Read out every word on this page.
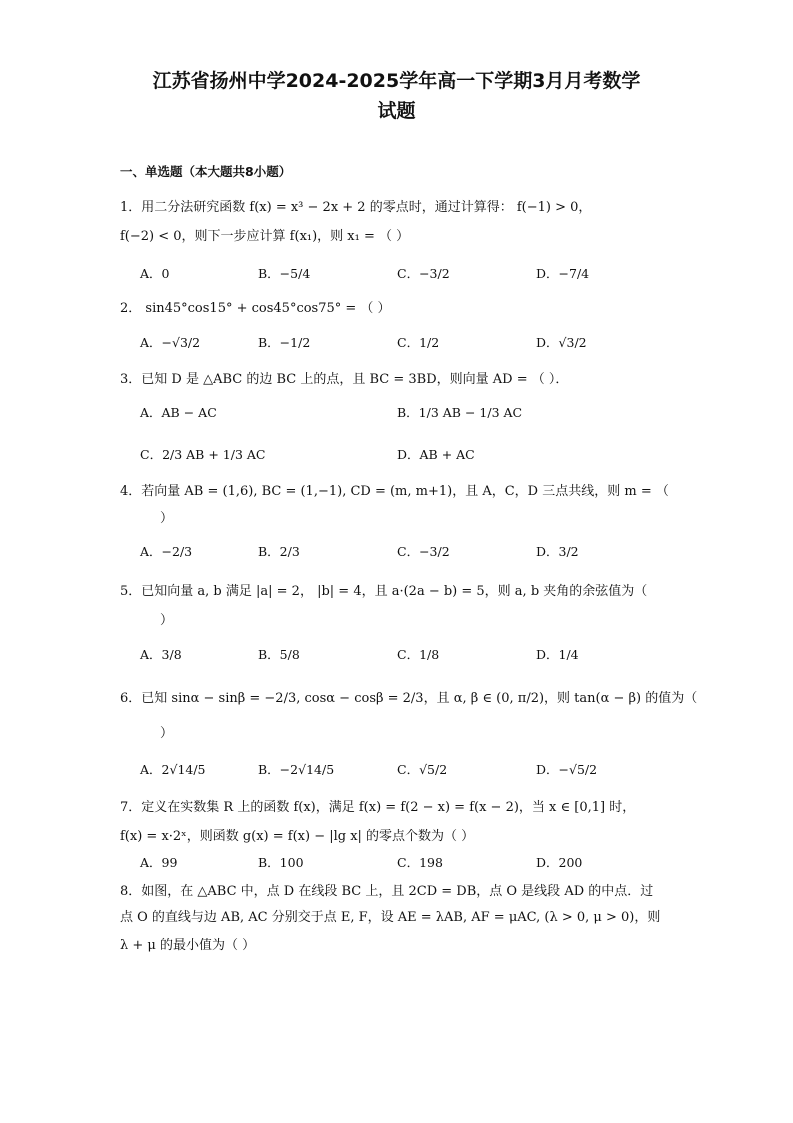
江苏省扬州中学2024-2025学年高一下学期3月月考数学
试题
一、单选题（本大题共8小题）
1．用二分法研究函数 f(x) = x³ − 2x + 2 的零点时，通过计算得： f(−1) > 0，
f(−2) < 0，则下一步应计算 f(x₁)，则 x₁ = （ ）
A．0	B．−5/4	C．−3/2	D．−7/4
2． sin45°cos15° + cos45°cos75° = （ ）
A．−√3/2	B．−1/2	C．1/2	D．√3/2
3．已知 D 是 △ABC 的边 BC 上的点，且 BC = 3BD，则向量 AD = （ ）．
A．AB − AC	B．1/3 AB − 1/3 AC
C．2/3 AB + 1/3 AC	D．AB + AC
4．若向量 AB = (1,6), BC = (1,−1), CD = (m, m+1)，且 A，C，D 三点共线，则 m = （
）
A．−2/3	B．2/3	C．−3/2	D．3/2
5．已知向量 a, b 满足 |a| = 2， |b| = 4，且 a·(2a − b) = 5，则 a, b 夹角的余弦值为（
）
A．3/8	B．5/8	C．1/8	D．1/4
6．已知 sinα − sinβ = −2/3, cosα − cosβ = 2/3，且 α, β ∈ (0, π/2)，则 tan(α − β) 的值为（
）
A．2√14/5	B．−2√14/5	C．√5/2	D．−√5/2
7．定义在实数集 R 上的函数 f(x)，满足 f(x) = f(2 − x) = f(x − 2)，当 x ∈ [0,1] 时，
f(x) = x·2ˣ，则函数 g(x) = f(x) − |lg x| 的零点个数为（ ）
A．99	B．100	C．198	D．200
8．如图，在 △ABC 中，点 D 在线段 BC 上，且 2CD = DB，点 O 是线段 AD 的中点．过
点 O 的直线与边 AB, AC 分别交于点 E, F，设 AE = λAB, AF = μAC, (λ > 0, μ > 0)，则
λ + μ 的最小值为（ ）
